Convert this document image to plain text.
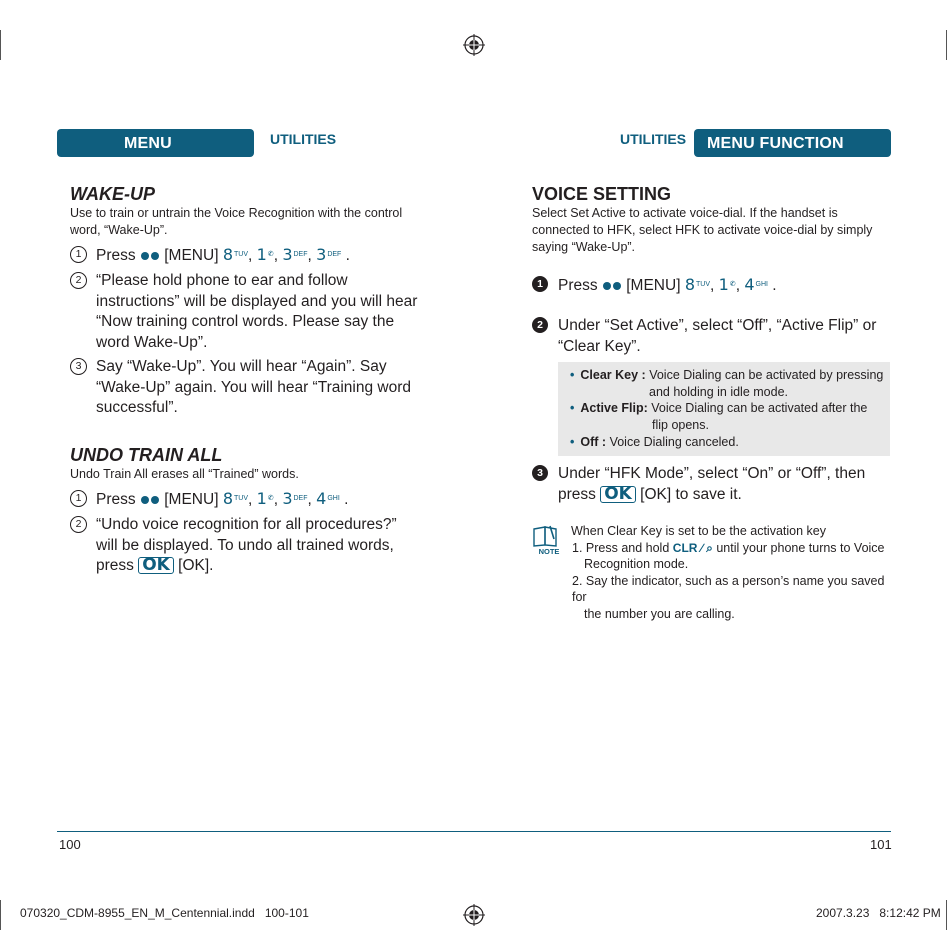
MENU FUNCTION
UTILITIES
WAKE-UP
Use to train or untrain the Voice Recognition with the control word, “Wake-Up”.
1 Press [MENU] $8^{TUV}$, 1✆, $3^{DEF}$, $3^{DEF}$ .
2 “Please hold phone to ear and follow instructions” will be displayed and you will hear “Now training control words. Please say the word Wake-Up”.
3 Say “Wake-Up”. You will hear “Again”. Say “Wake-Up” again. You will hear “Training word successful”.
UNDO TRAIN ALL
Undo Train All erases all “Trained” words.
1 Press [MENU] $8^{TUV}$, 1✆, $3^{DEF}$, $4^{GHI}$ .
2 “Undo voice recognition for all procedures?” will be displayed. To undo all trained words, press OK [OK].
UTILITIES	MENU FUNCTION
VOICE SETTING
Select Set Active to activate voice-dial. If the handset is connected to HFK, select HFK to activate voice-dial by simply saying “Wake-Up”.
1 Press [MENU] $8^{TUV}$, 1✆, $4^{GHI}$ .
2 Under “Set Active”, select “Off”, “Active Flip” or “Clear Key”.
• Clear Key : Voice Dialing can be activated by pressing
and holding in idle mode.
• Active Flip: Voice Dialing can be activated after the
flip opens.
• Off : Voice Dialing canceled.
3 Under “HFK Mode”, select “On” or “Off”, then press OK [OK] to save it.
NOTE
When Clear Key is set to be the activation key
1. Press and hold CLR ∕ ⌕ until your phone turns to Voice
Recognition mode.
2. Say the indicator, such as a person’s name you saved for
the number you are calling.
100	101
070320_CDM-8955_EN_M_Centennial.indd   100-101	2007.3.23   8:12:42 PM
